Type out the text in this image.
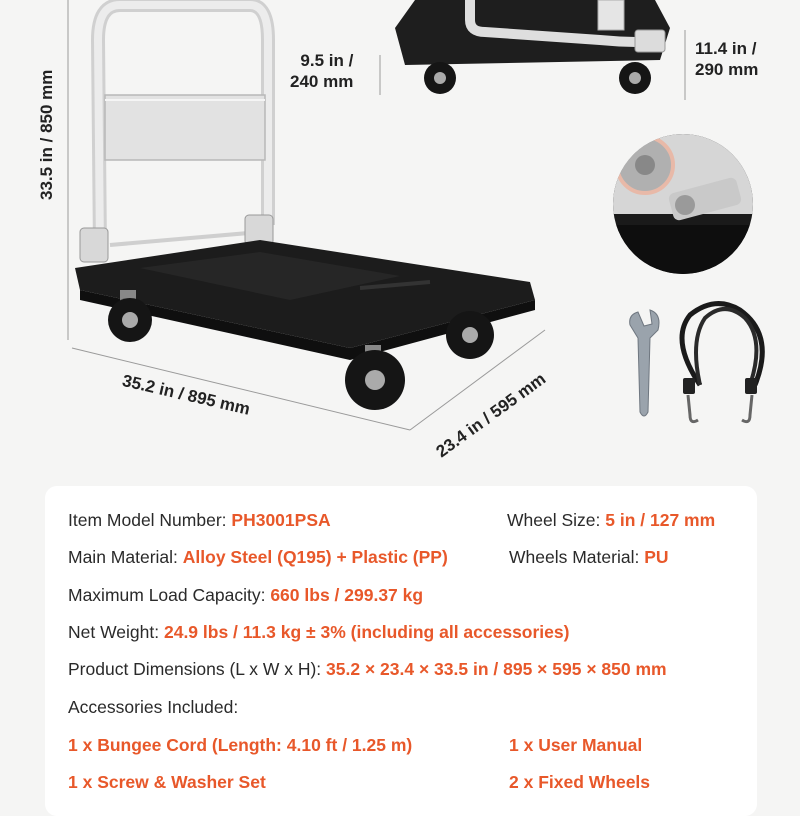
33.5 in / 850 mm
9.5 in /
240 mm
11.4 in /
290 mm
35.2 in / 895 mm	23.4 in / 595 mm
Item Model Number: PH3001PSA	Wheel Size: 5 in / 127 mm
Main Material: Alloy Steel (Q195) + Plastic (PP)	Wheels Material: PU
Maximum Load Capacity: 660 lbs / 299.37 kg
Net Weight: 24.9 lbs / 11.3 kg ± 3% (including all accessories)
Product Dimensions (L x W x H): 35.2 × 23.4 × 33.5 in / 895 × 595 × 850 mm
Accessories Included:
1 x Bungee Cord (Length: 4.10 ft / 1.25 m)	1 x User Manual
1 x Screw & Washer Set	2 x Fixed Wheels
